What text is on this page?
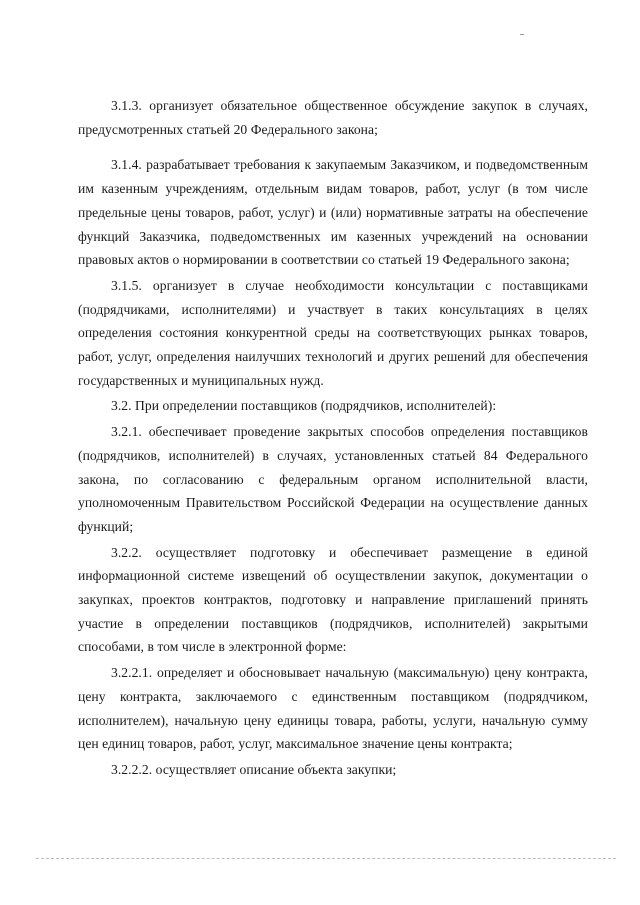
3.1.3. организует обязательное общественное обсуждение закупок в случаях, предусмотренных статьей 20 Федерального закона;

3.1.4. разрабатывает требования к закупаемым Заказчиком, и подведомственным им казенным учреждениям, отдельным видам товаров, работ, услуг (в том числе предельные цены товаров, работ, услуг) и (или) нормативные затраты на обеспечение функций Заказчика, подведомственных им казенных учреждений на основании правовых актов о нормировании в соответствии со статьей 19 Федерального закона;

3.1.5. организует в случае необходимости консультации с поставщиками (подрядчиками, исполнителями) и участвует в таких консультациях в целях определения состояния конкурентной среды на соответствующих рынках товаров, работ, услуг, определения наилучших технологий и других решений для обеспечения государственных и муниципальных нужд.

3.2. При определении поставщиков (подрядчиков, исполнителей):

3.2.1. обеспечивает проведение закрытых способов определения поставщиков (подрядчиков, исполнителей) в случаях, установленных статьей 84 Федерального закона, по согласованию с федеральным органом исполнительной власти, уполномоченным Правительством Российской Федерации на осуществление данных функций;

3.2.2. осуществляет подготовку и обеспечивает размещение в единой информационной системе извещений об осуществлении закупок, документации о закупках, проектов контрактов, подготовку и направление приглашений принять участие в определении поставщиков (подрядчиков, исполнителей) закрытыми способами, в том числе в электронной форме:

3.2.2.1. определяет и обосновывает начальную (максимальную) цену контракта, цену контракта, заключаемого с единственным поставщиком (подрядчиком, исполнителем), начальную цену единицы товара, работы, услуги, начальную сумму цен единиц товаров, работ, услуг, максимальное значение цены контракта;

3.2.2.2. осуществляет описание объекта закупки;
